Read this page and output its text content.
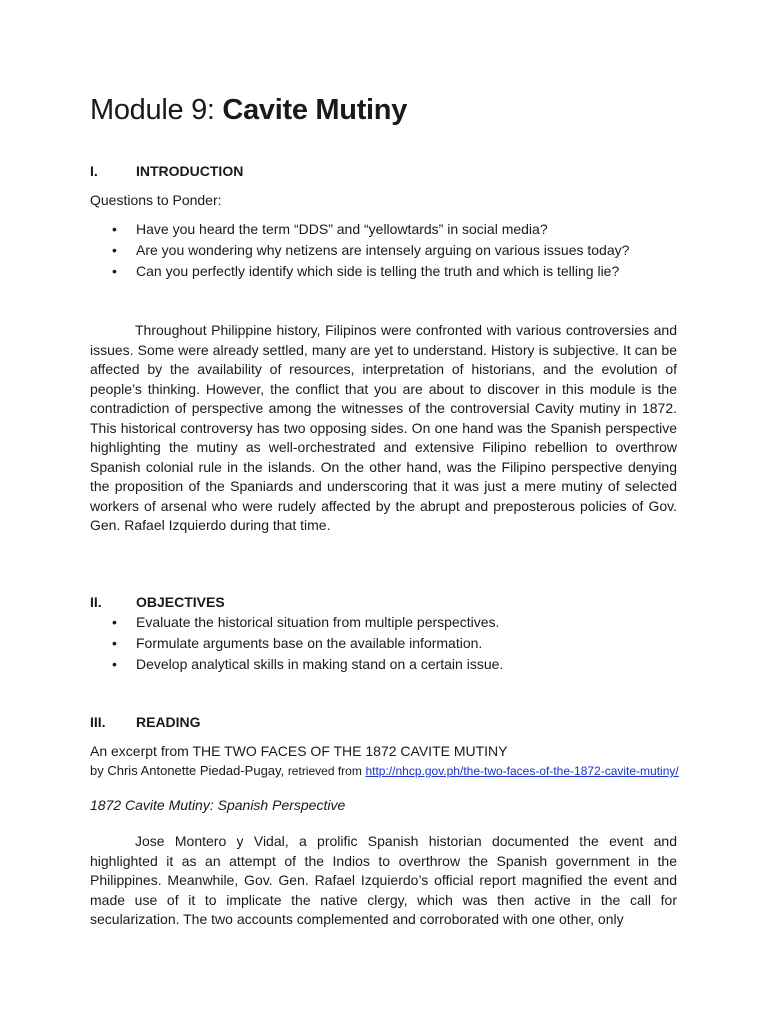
Module 9: Cavite Mutiny
I.	INTRODUCTION

Questions to Ponder:

• Have you heard the term “DDS” and “yellowtards” in social media?
• Are you wondering why netizens are intensely arguing on various issues today?
• Can you perfectly identify which side is telling the truth and which is telling lie?

Throughout Philippine history, Filipinos were confronted with various controversies and issues. Some were already settled, many are yet to understand. History is subjective. It can be affected by the availability of resources, interpretation of historians, and the evolution of people’s thinking. However, the conflict that you are about to discover in this module is the contradiction of perspective among the witnesses of the controversial Cavity mutiny in 1872. This historical controversy has two opposing sides. On one hand was the Spanish perspective highlighting the mutiny as well-orchestrated and extensive Filipino rebellion to overthrow Spanish colonial rule in the islands. On the other hand, was the Filipino perspective denying the proposition of the Spaniards and underscoring that it was just a mere mutiny of selected workers of arsenal who were rudely affected by the abrupt and preposterous policies of Gov. Gen. Rafael Izquierdo during that time.

II. OBJECTIVES
• Evaluate the historical situation from multiple perspectives.
• Formulate arguments base on the available information.
• Develop analytical skills in making stand on a certain issue.
III. READING

An excerpt from THE TWO FACES OF THE 1872 CAVITE MUTINY

by Chris Antonette Piedad-Pugay, retrieved from http://nhcp.gov.ph/the-two-faces-of-the-1872-cavite-mutiny/

1872 Cavite Mutiny: Spanish Perspective

Jose Montero y Vidal, a prolific Spanish historian documented the event and highlighted it as an attempt of the Indios to overthrow the Spanish government in the Philippines. Meanwhile, Gov. Gen. Rafael Izquierdo’s official report magnified the event and made use of it to implicate the native clergy, which was then active in the call for secularization. The two accounts complemented and corroborated with one other, only
